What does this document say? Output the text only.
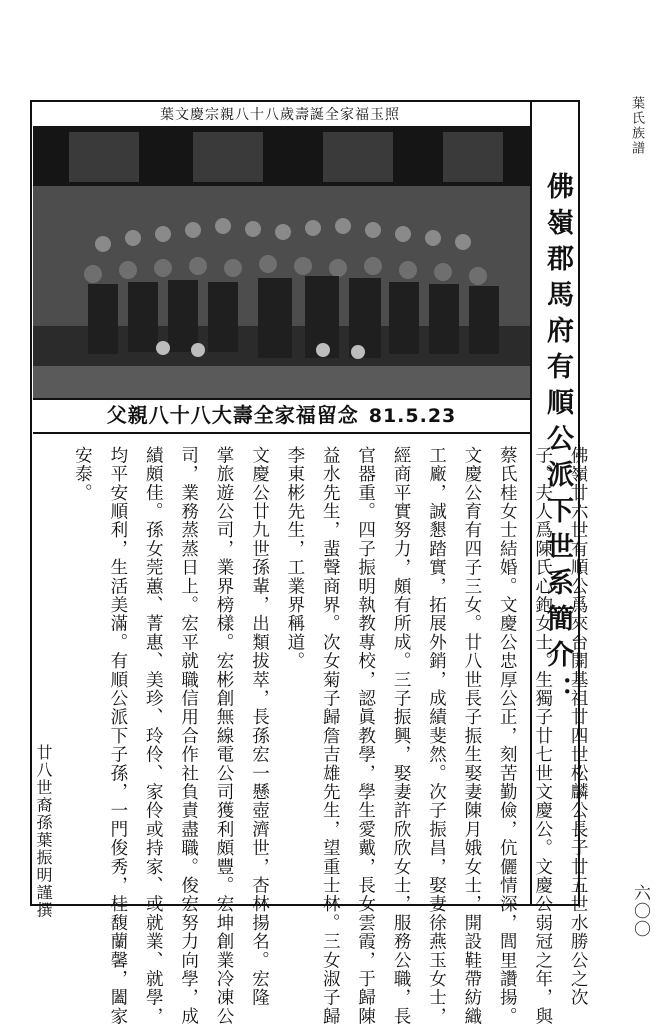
葉氏族譜
葉文慶宗親八十八歲壽誕全家福玉照
父親八十八大壽全家福留念 81.5.23	佛嶺郡馬府有順公派下世系簡介：
佛嶺廿六世有順公爲來台開基祖廿四世松麟公長子廿五世水勝公之次
子。夫人爲陳氏心鉋女士。生獨子廿七世文慶公。文慶公弱冠之年，與
蔡氏桂女士結婚。文慶公忠厚公正，刻苦勤儉，伉儷情深，閭里讚揚。
文慶公育有四子三女。廿八世長子振生娶妻陳月娥女士，開設鞋帶紡織
工廠，誠懇踏實，拓展外銷，成績斐然。次子振昌，娶妻徐燕玉女士，
經商平實努力，頗有所成。三子振興，娶妻許欣欣女士，服務公職，長
官器重。四子振明執教專校，認眞教學，學生愛戴，長女雲霞，于歸陳
益水先生，蜚聲商界。次女菊子歸詹吉雄先生，望重士林。三女淑子歸
李東彬先生，工業界稱道。
文慶公廿九世孫輩，出類拔萃，長孫宏一懸壺濟世，杏林揚名。宏隆
掌旅遊公司，業界榜樣。宏彬創無線電公司獲利頗豐。宏坤創業冷凍公
司，業務蒸蒸日上。宏平就職信用合作社負責盡職。俊宏努力向學，成
績頗佳。孫女莞蕙、菁惠、美珍、玲伶、家伶或持家、或就業、就學，
均平安順利，生活美滿。有順公派下子孫，一門俊秀，桂馥蘭馨，闔家
安泰。
廿八世裔孫葉振明謹撰	六〇〇
